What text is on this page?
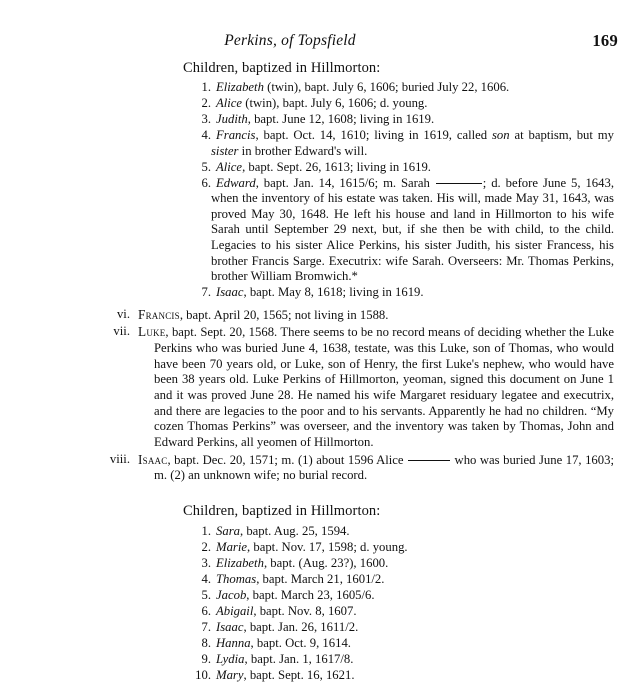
Perkins, of Topsfield	169

Children, baptized in Hillmorton:

1. Elizabeth (twin), bapt. July 6, 1606; buried July 22, 1606.
2. Alice (twin), bapt. July 6, 1606; d. young.
3. Judith, bapt. June 12, 1608; living in 1619.
4. Francis, bapt. Oct. 14, 1610; living in 1619, called son at baptism, but my sister in brother Edward's will.
5. Alice, bapt. Sept. 26, 1613; living in 1619.
6. Edward, bapt. Jan. 14, 1615/6; m. Sarah	; d. before June 5, 1643, when the inventory of his estate was taken. His will, made May 31, 1643, was proved May 30, 1648. He left his house and land in Hillmorton to his wife Sarah until September 29 next, but, if she then be with child, to the child. Legacies to his sister Alice Perkins, his sister Judith, his sister Francess, his brother Francis Sarge. Executrix: wife Sarah. Overseers: Mr. Thomas Perkins, brother William Bromwich.*
7. Isaac, bapt. May 8, 1618; living in 1619.
vi. Francis, bapt. April 20, 1565; not living in 1588.
vii. Luke, bapt. Sept. 20, 1568. There seems to be no record means of deciding whether the Luke Perkins who was buried June 4, 1638, testate, was this Luke, son of Thomas, who would have been 70 years old, or Luke, son of Henry, the first Luke's nephew, who would have been 38 years old. Luke Perkins of Hillmorton, yeoman, signed this document on June 1 and it was proved June 28. He named his wife Margaret residuary legatee and executrix, and there are legacies to the poor and to his servants. Apparently he had no children. “My cozen Thomas Perkins” was overseer, and the inventory was taken by Thomas, John and Edward Perkins, all yeomen of Hillmorton.
viii. Isaac, bapt. Dec. 20, 1571; m. (1) about 1596 Alice	who was buried June 17, 1603; m. (2) an unknown wife; no burial record.

Children, baptized in Hillmorton:

1. Sara, bapt. Aug. 25, 1594.
2. Marie, bapt. Nov. 17, 1598; d. young.
3. Elizabeth, bapt. (Aug. 23?), 1600.
4. Thomas, bapt. March 21, 1601/2.
5. Jacob, bapt. March 23, 1605/6.
6. Abigail, bapt. Nov. 8, 1607.
7. Isaac, bapt. Jan. 26, 1611/2.
8. Hanna, bapt. Oct. 9, 1614.
9. Lydia, bapt. Jan. 1, 1617/8.
10. Mary, bapt. Sept. 16, 1621.
